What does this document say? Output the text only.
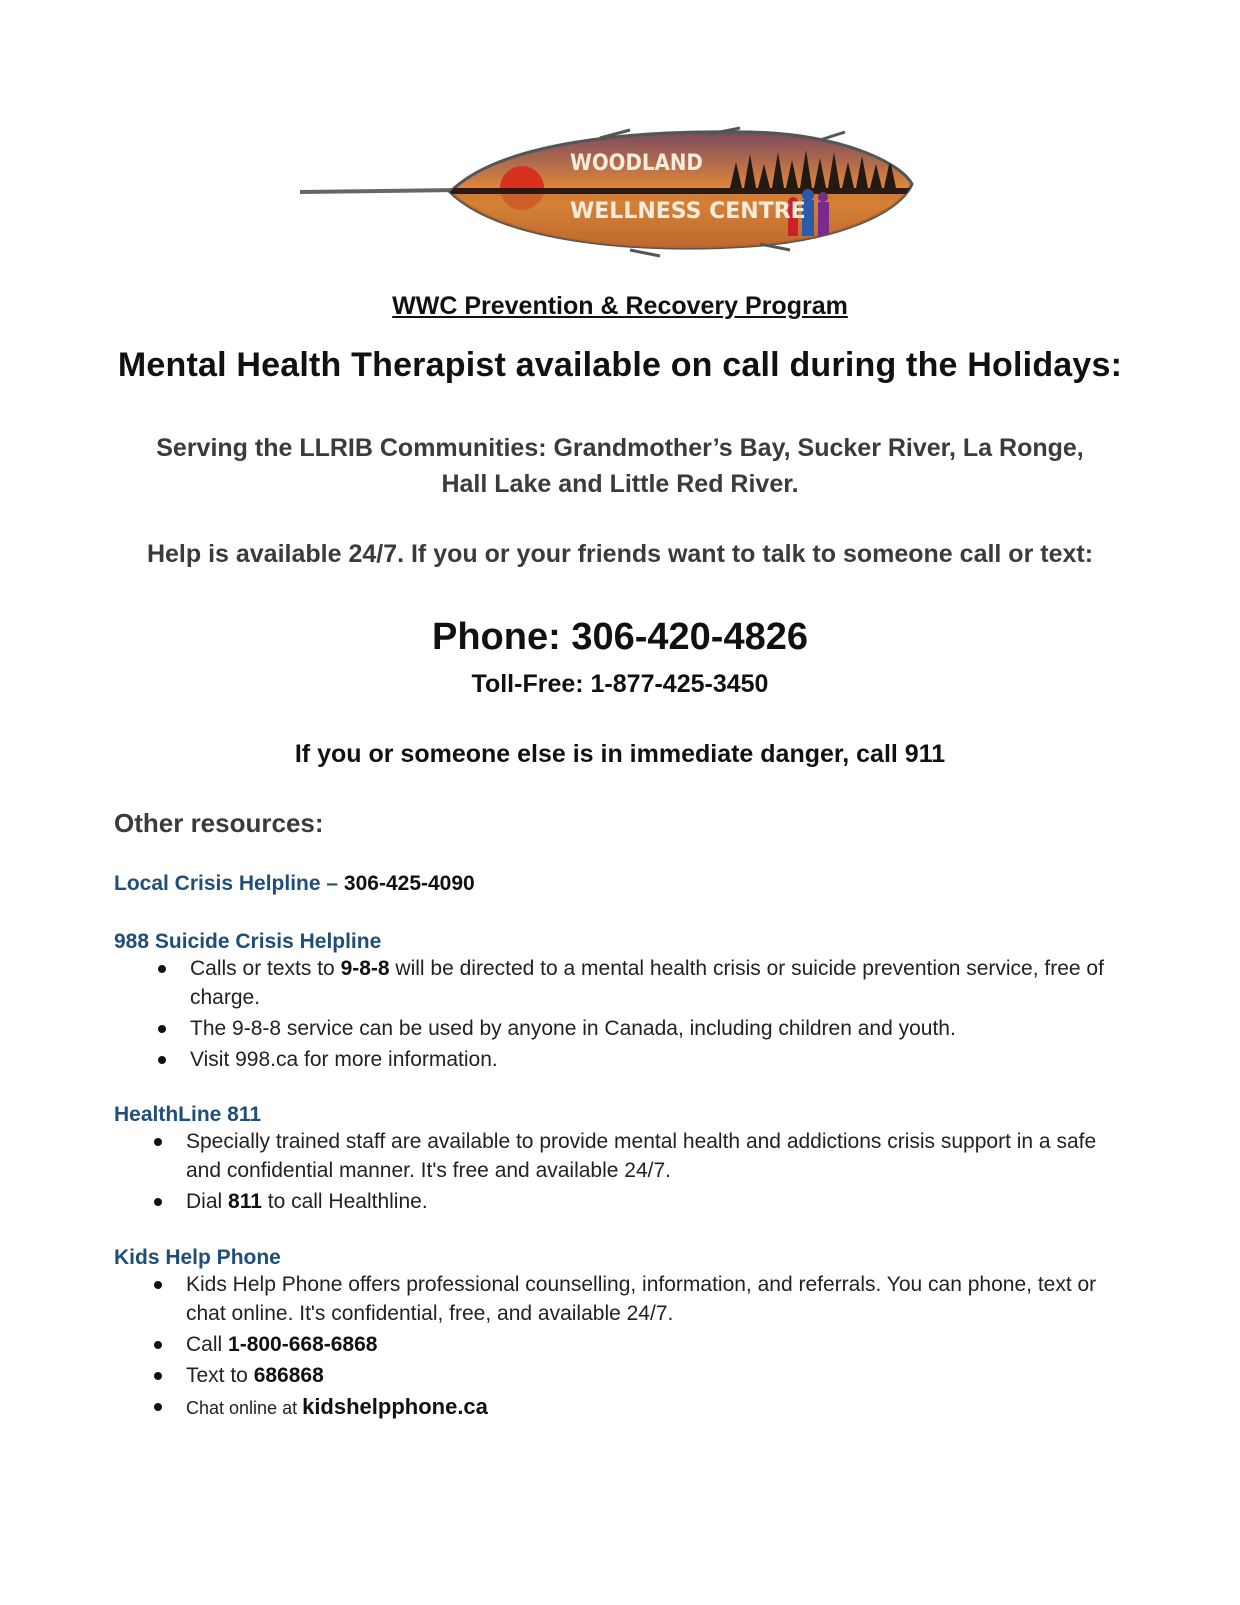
WOODLAND
WELLNESS CENTRE
WWC Prevention & Recovery Program
Mental Health Therapist available on call during the Holidays:
Serving the LLRIB Communities: Grandmother’s Bay, Sucker River, La Ronge,
Hall Lake and Little Red River.
Help is available 24/7. If you or your friends want to talk to someone call or text:
Phone: 306-420-4826
Toll-Free: 1-877-425-3450
If you or someone else is in immediate danger, call 911
Other resources:
Local Crisis Helpline – 306-425-4090
988 Suicide Crisis Helpline
Calls or texts to 9-8-8 will be directed to a mental health crisis or suicide prevention service, free of charge.
The 9-8-8 service can be used by anyone in Canada, including children and youth.
Visit 998.ca for more information.
HealthLine 811
Specially trained staff are available to provide mental health and addictions crisis support in a safe and confidential manner. It's free and available 24/7.
Dial 811 to call Healthline.
Kids Help Phone
Kids Help Phone offers professional counselling, information, and referrals. You can phone, text or chat online. It's confidential, free, and available 24/7.
Call 1-800-668-6868
Text to 686868
Chat online at kidshelpphone.ca
